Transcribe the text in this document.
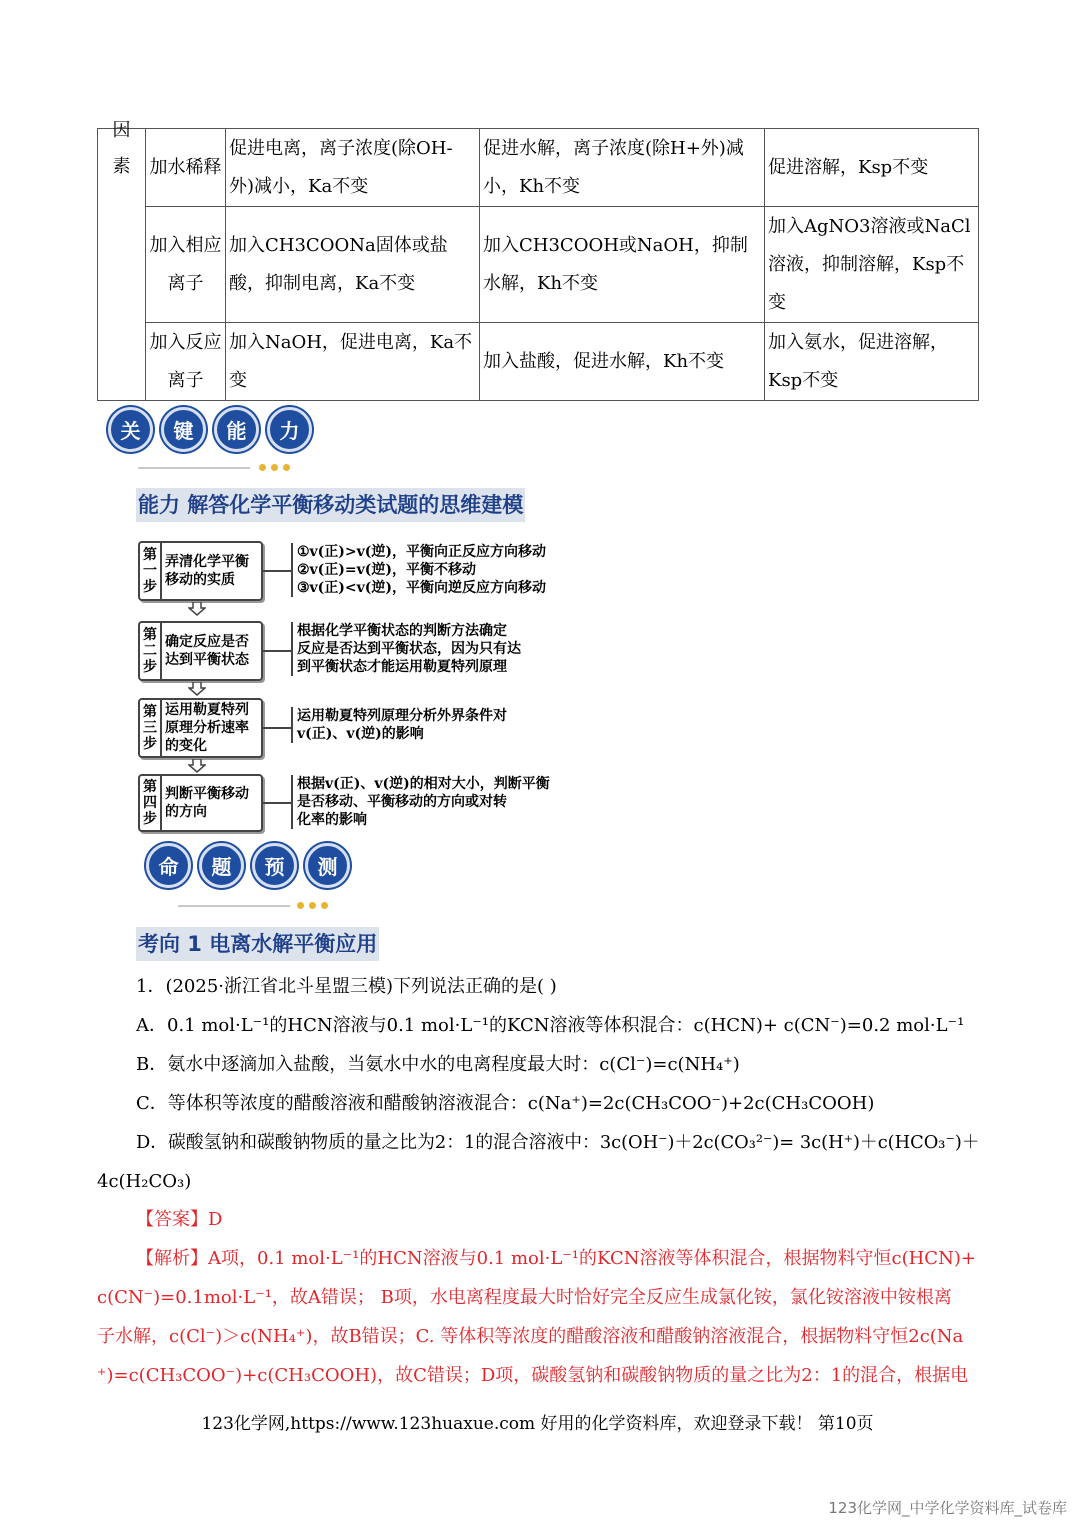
因素	加水稀释	促进电离，离子浓度(除OH-外)减小，Ka不变	促进水解，离子浓度(除H+外)减小，Kh不变	促进溶解，Ksp不变
	加入相应离子	加入CH3COONa固体或盐酸，抑制电离，Ka不变	加入CH3COOH或NaOH，抑制水解，Kh不变	加入AgNO3溶液或NaCl溶液，抑制溶解，Ksp不变
	加入反应离子	加入NaOH，促进电离，Ka不变	加入盐酸，促进水解，Kh不变	加入氨水，促进溶解，Ksp不变
关	键	能	力
能力 解答化学平衡移动类试题的思维建模
第一步
弄清化学平衡移动的实质
①v(正)>v(逆)，平衡向正反应方向移动
②v(正)=v(逆)，平衡不移动
③v(正)<v(逆)，平衡向逆反应方向移动
第二步
确定反应是否达到平衡状态
根据化学平衡状态的判断方法确定
反应是否达到平衡状态，因为只有达
到平衡状态才能运用勒夏特列原理
第三步
运用勒夏特列原理分析速率的变化
运用勒夏特列原理分析外界条件对
v(正)、v(逆)的影响
第四步
判断平衡移动的方向
根据v(正)、v(逆)的相对大小，判断平衡
是否移动、平衡移动的方向或对转
化率的影响
命	题	预	测
考向 1 电离水解平衡应用
1．(2025·浙江省北斗星盟三模)下列说法正确的是( )
A．0.1 mol·L⁻¹的HCN溶液与0.1 mol·L⁻¹的KCN溶液等体积混合：c(HCN)+ c(CN⁻)=0.2 mol·L⁻¹
B．氨水中逐滴加入盐酸，当氨水中水的电离程度最大时：c(Cl⁻)=c(NH₄⁺)
C．等体积等浓度的醋酸溶液和醋酸钠溶液混合：c(Na⁺)=2c(CH₃COO⁻)+2c(CH₃COOH)
D．碳酸氢钠和碳酸钠物质的量之比为2：1的混合溶液中：3c(OH⁻)＋2c(CO₃²⁻)= 3c(H⁺)＋c(HCO₃⁻)＋
4c(H₂CO₃)
【答案】D
【解析】A项，0.1 mol·L⁻¹的HCN溶液与0.1 mol·L⁻¹的KCN溶液等体积混合，根据物料守恒c(HCN)+
c(CN⁻)=0.1mol·L⁻¹，故A错误； B项，水电离程度最大时恰好完全反应生成氯化铵，氯化铵溶液中铵根离
子水解，c(Cl⁻)＞c(NH₄⁺)，故B错误；C. 等体积等浓度的醋酸溶液和醋酸钠溶液混合，根据物料守恒2c(Na
⁺)=c(CH₃COO⁻)+c(CH₃COOH)，故C错误；D项，碳酸氢钠和碳酸钠物质的量之比为2：1的混合，根据电
123化学网,https://www.123huaxue.com 好用的化学资料库，欢迎登录下载！ 第10页
123化学网_中学化学资料库_试卷库
